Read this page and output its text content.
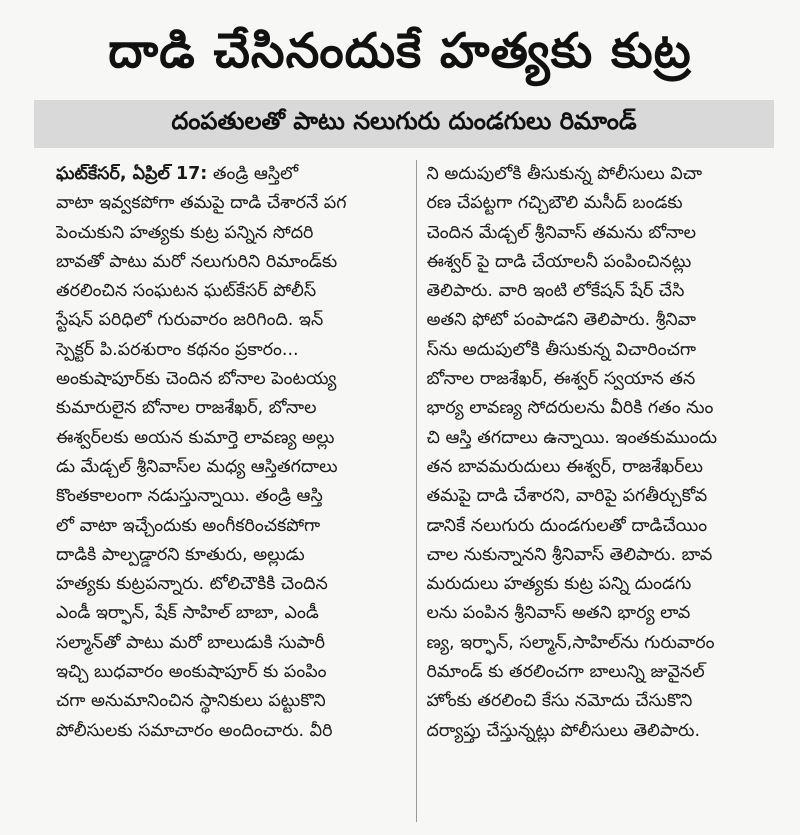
దాడి చేసినందుకే హత్యకు కుట్ర
దంపతులతో పాటు నలుగురు దుండగులు రిమాండ్
ఘట్‌కేసర్, ఏప్రిల్ 17: తండ్రి ఆస్తిలో
వాటా ఇవ్వకపోగా తమపై దాడి చేశారనే పగ
పెంచుకుని హత్యకు కుట్ర పన్నిన సోదరి
బావతో పాటు మరో నలుగురిని రిమాండ్‌కు
తరలించిన సంఘటన ఘట్‌కేసర్ పోలీస్
స్టేషన్ పరిధిలో గురువారం జరిగింది. ఇన్
స్పెక్టర్ పి.పరశురాం కథనం ప్రకారం...
అంకుషాపూర్‌కు చెందిన బోనాల పెంటయ్య
కుమారులైన బోనాల రాజశేఖర్, బోనాల
ఈశ్వర్‌లకు అయన కుమార్తె లావణ్య అల్లు
డు మేడ్చల్ శ్రీనివాస్‌ల మధ్య ఆస్తితగదాలు
కొంతకాలంగా నడుస్తున్నాయి. తండ్రి ఆస్తి
లో వాటా ఇచ్చేందుకు అంగీకరించకపోగా
దాడికి పాల్పడ్డారని కూతురు, అల్లుడు
హత్యకు కుట్రపన్నారు. టోలిచౌకికి చెందిన
ఎండీ ఇర్ఫాన్, షేక్ సాహిల్ బాబా, ఎండీ
సల్మాన్‌తో పాటు మరో బాలుడుకి సుపారీ
ఇచ్చి బుధవారం అంకుషాపూర్ కు పంపిం
చగా అనుమానించిన స్థానికులు పట్టుకొని
పోలీసులకు సమాచారం అందించారు. వీరి
ని అదుపులోకి తీసుకున్న పోలీసులు విచా
రణ చేపట్టగా గచ్చిబౌలి మసీద్ బండకు
చెందిన మేడ్చల్ శ్రీనివాస్ తమను బోనాల
ఈశ్వర్ పై దాడి చేయాలనీ పంపించినట్లు
తెలిపారు. వారి ఇంటి లోకేషన్ షేర్ చేసి
అతని ఫోటో పంపాడని తెలిపారు. శ్రీనివా
స్‌ను అదుపులోకి తీసుకున్న విచారించగా
బోనాల రాజశేఖర్, ఈశ్వర్ స్వయాన తన
భార్య లావణ్య సోదరులను వీరికి గతం నుం
చి ఆస్తి తగదాలు ఉన్నాయి. ఇంతకుముందు
తన బావమరుదులు ఈశ్వర్, రాజశేఖర్‌లు
తమపై దాడి చేశారని, వారిపై పగతీర్చుకోవ
డానికే నలుగురు దుండగులతో దాడిచేయిం
చాల నుకున్నానని శ్రీనివాస్ తెలిపారు. బావ
మరుదులు హత్యకు కుట్ర పన్ని దుండగు
లను పంపిన శ్రీనివాస్ అతని భార్య లావ
ణ్య, ఇర్ఫాన్, సల్మాన్,సాహిల్‌ను గురువారం
రిమాండ్ కు తరలించగా బాలున్ని జువైనల్
హోంకు తరలించి కేసు నమోదు చేసుకొని
దర్యాప్తు చేస్తున్నట్లు పోలీసులు తెలిపారు.
